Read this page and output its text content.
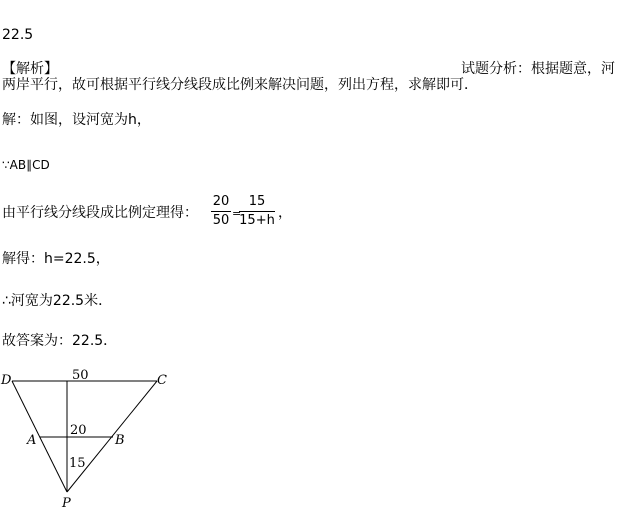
22.5
【解析】	试题分析：根据题意，河
两岸平行，故可根据平行线分线段成比例来解决问题，列出方程，求解即可．
解：如图，设河宽为h，
∵AB∥CD
由平行线分线段成比例定理得：
20
50 =
15
15+h ，
解得：h=22.5，
∴河宽为22.5米．
故答案为：22.5．
D	C
A	B
P
50
20
15
